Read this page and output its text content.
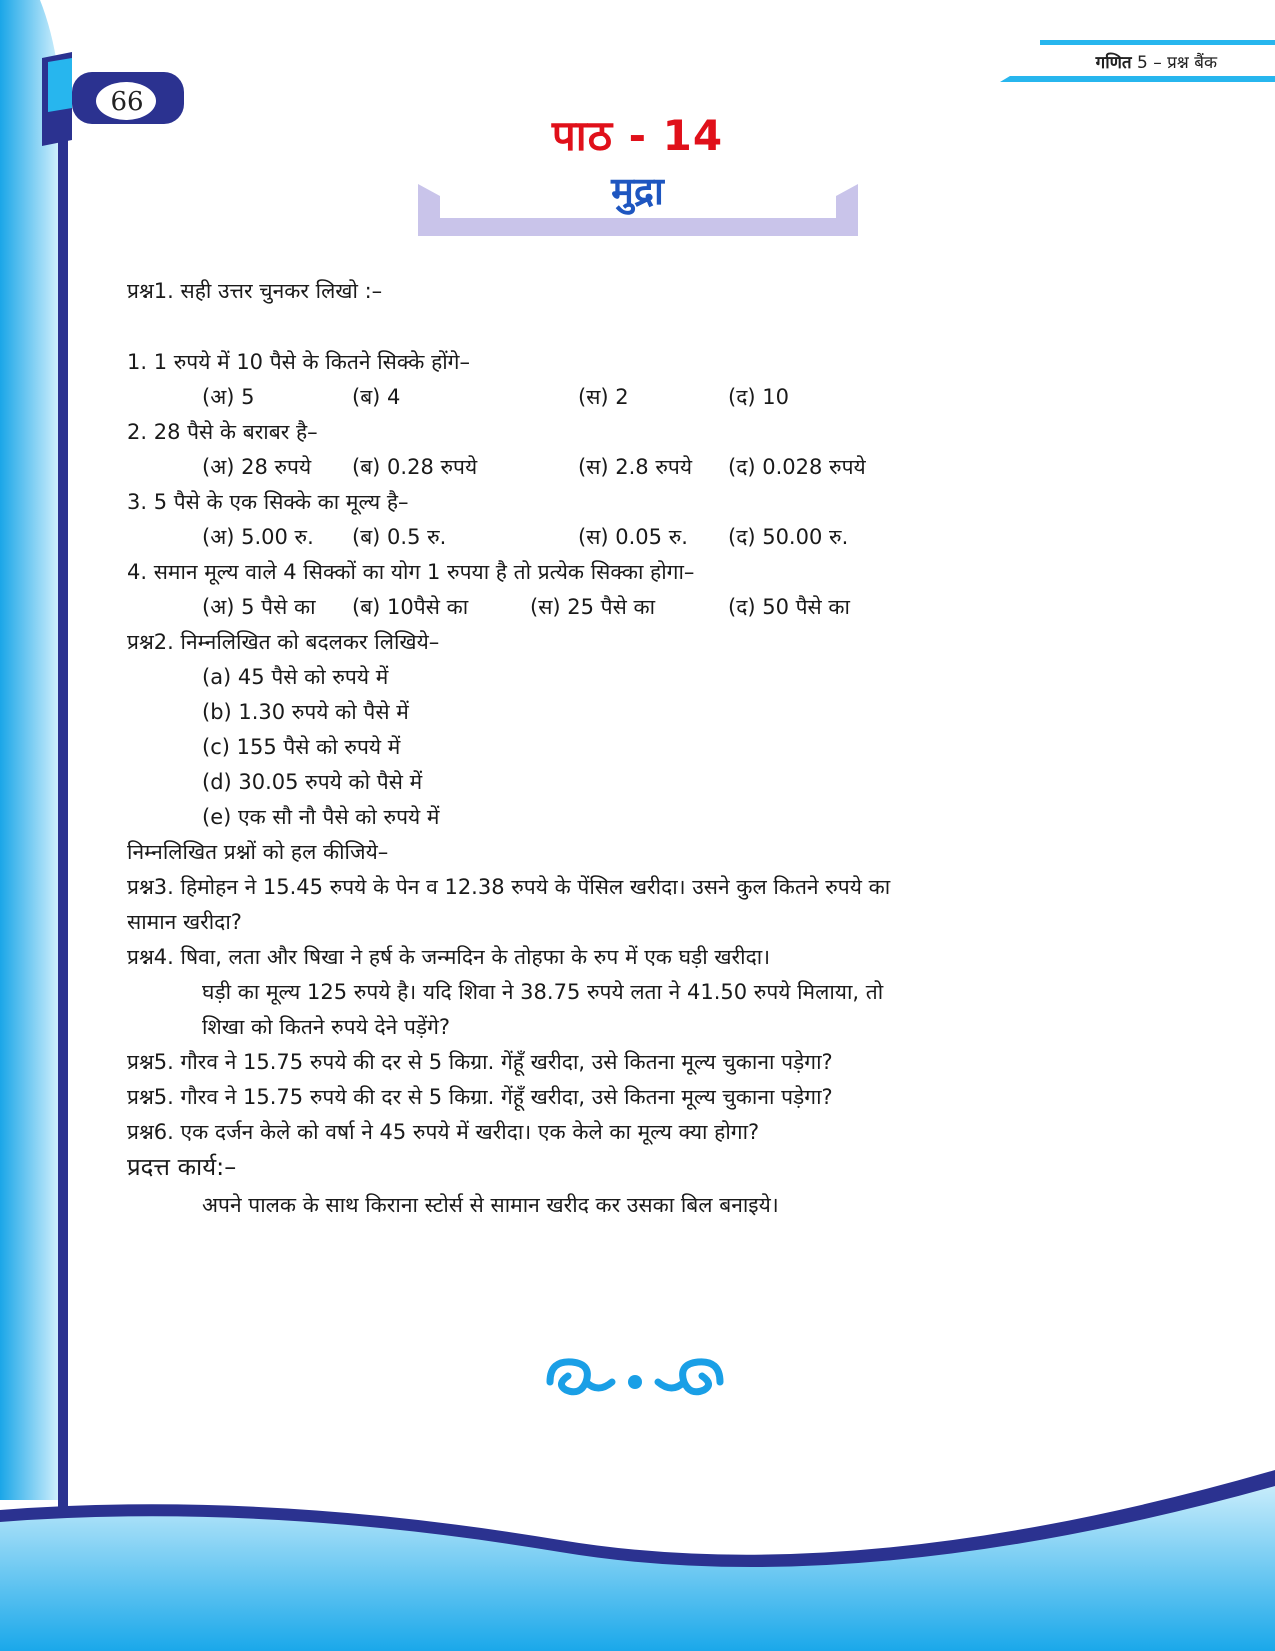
66
गणित 5 – प्रश्न बैंक
पाठ - 14
मुद्रा
प्रश्न1. सही उत्तर चुनकर लिखो :–
1. 1 रुपये में 10 पैसे के कितने सिक्के होंगे–
(अ) 5	(ब) 4	(स) 2	(द) 10
2. 28 पैसे के बराबर है–
(अ) 28 रुपये (ब) 0.28 रुपये	(स) 2.8 रुपये (द) 0.028 रुपये
3. 5 पैसे के एक सिक्के का मूल्य है–
(अ) 5.00 रु. (ब) 0.5 रु.	(स) 0.05 रु. (द) 50.00 रु.
4. समान मूल्य वाले 4 सिक्कों का योग 1 रुपया है तो प्रत्येक सिक्का होगा–
(अ) 5 पैसे का (ब) 10पैसे का	(स) 25 पैसे का	(द) 50 पैसे का
प्रश्न2. निम्नलिखित को बदलकर लिखिये–
(a) 45 पैसे को रुपये में
(b) 1.30 रुपये को पैसे में
(c) 155 पैसे को रुपये में
(d) 30.05 रुपये को पैसे में
(e) एक सौ नौ पैसे को रुपये में
निम्नलिखित प्रश्नों को हल कीजिये–
प्रश्न3. हिमोहन ने 15.45 रुपये के पेन व 12.38 रुपये के पेंसिल खरीदा। उसने कुल कितने रुपये का
सामान खरीदा?
प्रश्न4. षिवा, लता और षिखा ने हर्ष के जन्मदिन के तोहफा के रुप में एक घड़ी खरीदा।
घड़ी का मूल्य 125 रुपये है। यदि शिवा ने 38.75 रुपये लता ने 41.50 रुपये मिलाया, तो
शिखा को कितने रुपये देने पड़ेंगे?
प्रश्न5. गौरव ने 15.75 रुपये की दर से 5 किग्रा. गेंहूँ खरीदा, उसे कितना मूल्य चुकाना पड़ेगा?
प्रश्न5. गौरव ने 15.75 रुपये की दर से 5 किग्रा. गेंहूँ खरीदा, उसे कितना मूल्य चुकाना पड़ेगा?
प्रश्न6. एक दर्जन केले को वर्षा ने 45 रुपये में खरीदा। एक केले का मूल्य क्या होगा?
प्रदत्त कार्य:–
अपने पालक के साथ किराना स्टोर्स से सामान खरीद कर उसका बिल बनाइये।
